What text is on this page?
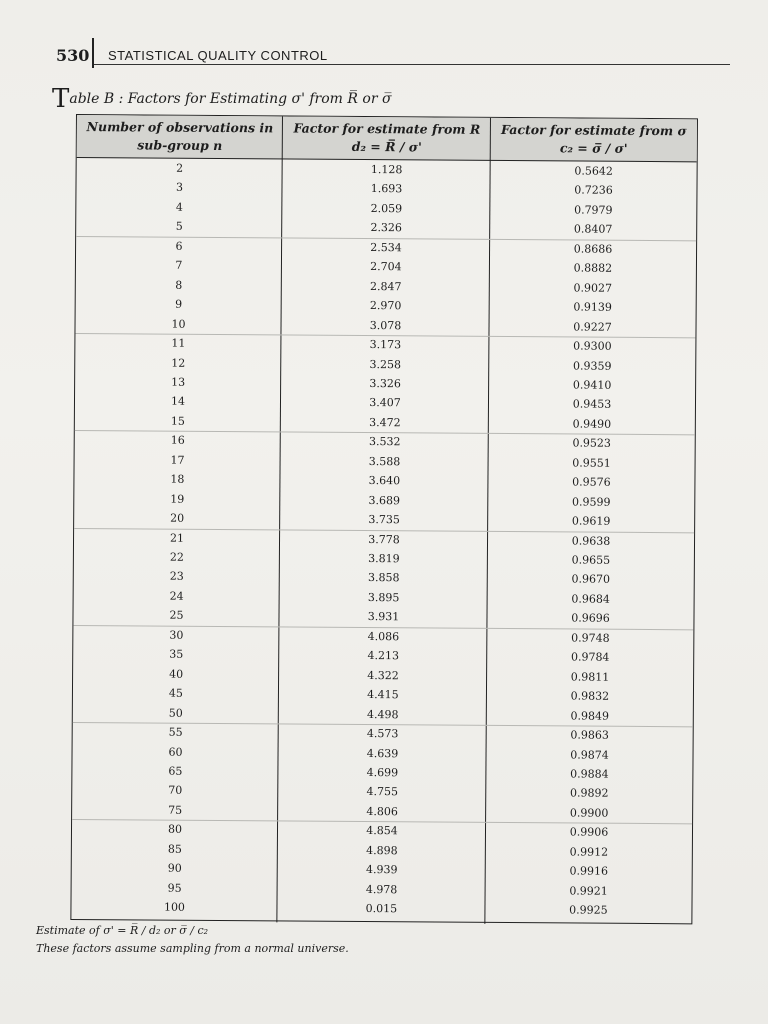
530 STATISTICAL QUALITY CONTROL
Table B : Factors for Estimating σ' from R̅ or σ̅
Number of observations in
sub-group n
Factor for estimate from R
d₂ = R̅ / σ'
Factor for estimate from σ
c₂ = σ̅ / σ'
2	1.128	0.5642
3	1.693	0.7236
4	2.059	0.7979
5	2.326	0.8407
6	2.534	0.8686
7	2.704	0.8882
8	2.847	0.9027
9	2.970	0.9139
10	3.078	0.9227
11	3.173	0.9300
12	3.258	0.9359
13	3.326	0.9410
14	3.407	0.9453
15	3.472	0.9490
16	3.532	0.9523
17	3.588	0.9551
18	3.640	0.9576
19	3.689	0.9599
20	3.735	0.9619
21	3.778	0.9638
22	3.819	0.9655
23	3.858	0.9670
24	3.895	0.9684
25	3.931	0.9696
30	4.086	0.9748
35	4.213	0.9784
40	4.322	0.9811
45	4.415	0.9832
50	4.498	0.9849
55	4.573	0.9863
60	4.639	0.9874
65	4.699	0.9884
70	4.755	0.9892
75	4.806	0.9900
80	4.854	0.9906
85	4.898	0.9912
90	4.939	0.9916
95	4.978	0.9921
100	0.015	0.9925
Estimate of σ' = R̅ / d₂ or σ̅ / c₂
These factors assume sampling from a normal universe.
